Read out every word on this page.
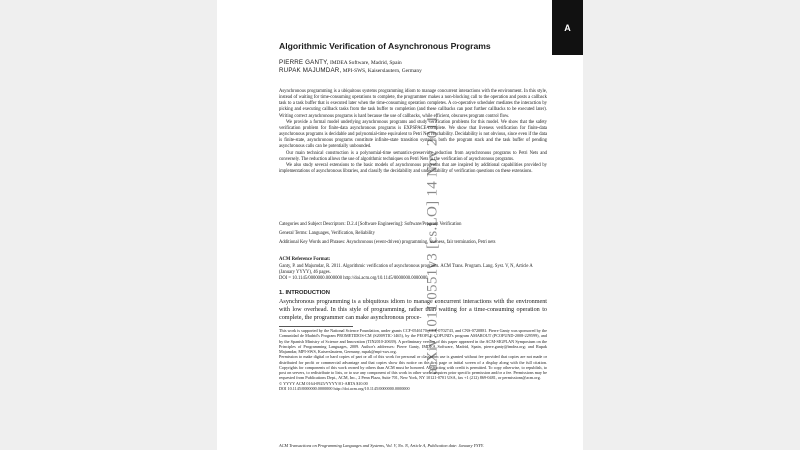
arXiv:1011.0551v3 [cs.LO] 14 Nov 2011
Algorithmic Verification of Asynchronous Programs
PIERRE GANTY, IMDEA Software, Madrid, Spain
RUPAK MAJUMDAR, MPI-SWS, Kaiserslautern, Germany

Asynchronous programming is a ubiquitous systems programming idiom to manage concurrent interactions with the environment. In this style, instead of waiting for time-consuming operations to complete, the programmer makes a non-blocking call to the operation and posts a callback task to a task buffer that is executed later when the time-consuming operation completes. A co-operative scheduler mediates the interaction by picking and executing callback tasks from the task buffer to completion (and these callbacks can post further callbacks to be executed later). Writing correct asynchronous programs is hard because the use of callbacks, while efficient, obscures program control flow.

We provide a formal model underlying asynchronous programs and study verification problems for this model. We show that the safety verification problem for finite-data asynchronous programs is EXPSPACE-complete. We show that liveness verification for finite-data asynchronous programs is decidable and polynomial-time equivalent to Petri Net reachability. Decidability is not obvious, since even if the data is finite-state, asynchronous programs constitute infinite-state transition systems: both the program stack and the task buffer of pending asynchronous calls can be potentially unbounded.

Our main technical construction is a polynomial-time semantics-preserving reduction from asynchronous programs to Petri Nets and conversely. The reduction allows the use of algorithmic techniques on Petri Nets to the verification of asynchronous programs.

We also study several extensions to the basic models of asynchronous programs that are inspired by additional capabilities provided by implementations of asynchronous libraries, and classify the decidability and undecidability of verification questions on these extensions.

Categories and Subject Descriptors: D.2.4 [Software Engineering]: Software/Program Verification
General Terms: Languages, Verification, Reliability
Additional Key Words and Phrases: Asynchronous (event-driven) programming, liveness, fair termination, Petri nets
ACM Reference Format:
Ganty, P. and Majumdar, R. 2011. Algorithmic verification of asynchronous programs. ACM Trans. Program. Lang. Syst. V, N, Article A (January YYYY), 46 pages.
DOI = 10.1145/0000000.0000000 http://doi.acm.org/10.1145/0000000.0000000
1. INTRODUCTION
Asynchronous programming is a ubiquitous idiom to manage concurrent interactions with the environment with low overhead. In this style of programming, rather than waiting for a time-consuming operation to complete, the programmer can make asynchronous proce-

This work is supported by the National Science Foundation, under grants CCF-0546170, CCF-0702743, and CNS-0720881. Pierre Ganty was sponsored by the Comunidad de Madrid's Program PROMETIDOS-CM (S2009TIC-1465), by the PEOPLE-COFUND's program AMAROUT (PCOFUND-2008-229599), and by the Spanish Ministry of Science and Innovation (TIN2010-20639). A preliminary version of this paper appeared in the ACM-SIGPLAN Symposium on the Principles of Programming Languages, 2009. Author's addresses: Pierre Ganty, IMDEA Software, Madrid, Spain, pierre.ganty@imdea.org; and Rupak Majumdar, MPI-SWS, Kaiserslautern, Germany, rupak@mpi-sws.org.

Permission to make digital or hard copies of part or all of this work for personal or classroom use is granted without fee provided that copies are not made or distributed for profit or commercial advantage and that copies show this notice on the first page or initial screen of a display along with the full citation. Copyrights for components of this work owned by others than ACM must be honored. Abstracting with credit is permitted. To copy otherwise, to republish, to post on servers, to redistribute to lists, or to use any component of this work in other works requires prior specific permission and/or a fee. Permissions may be requested from Publications Dept., ACM, Inc., 2 Penn Plaza, Suite 701, New York, NY 10121-0701 USA, fax +1 (212) 869-0481, or permissions@acm.org.

© YYYY ACM 0164-0925/YYYY/01-ARTA $10.00

DOI 10.1145/0000000.0000000 http://doi.acm.org/10.1145/0000000.0000000

ACM Transactions on Programming Languages and Systems, Vol. V, No. N, Article A, Publication date: January YYYY.
A
